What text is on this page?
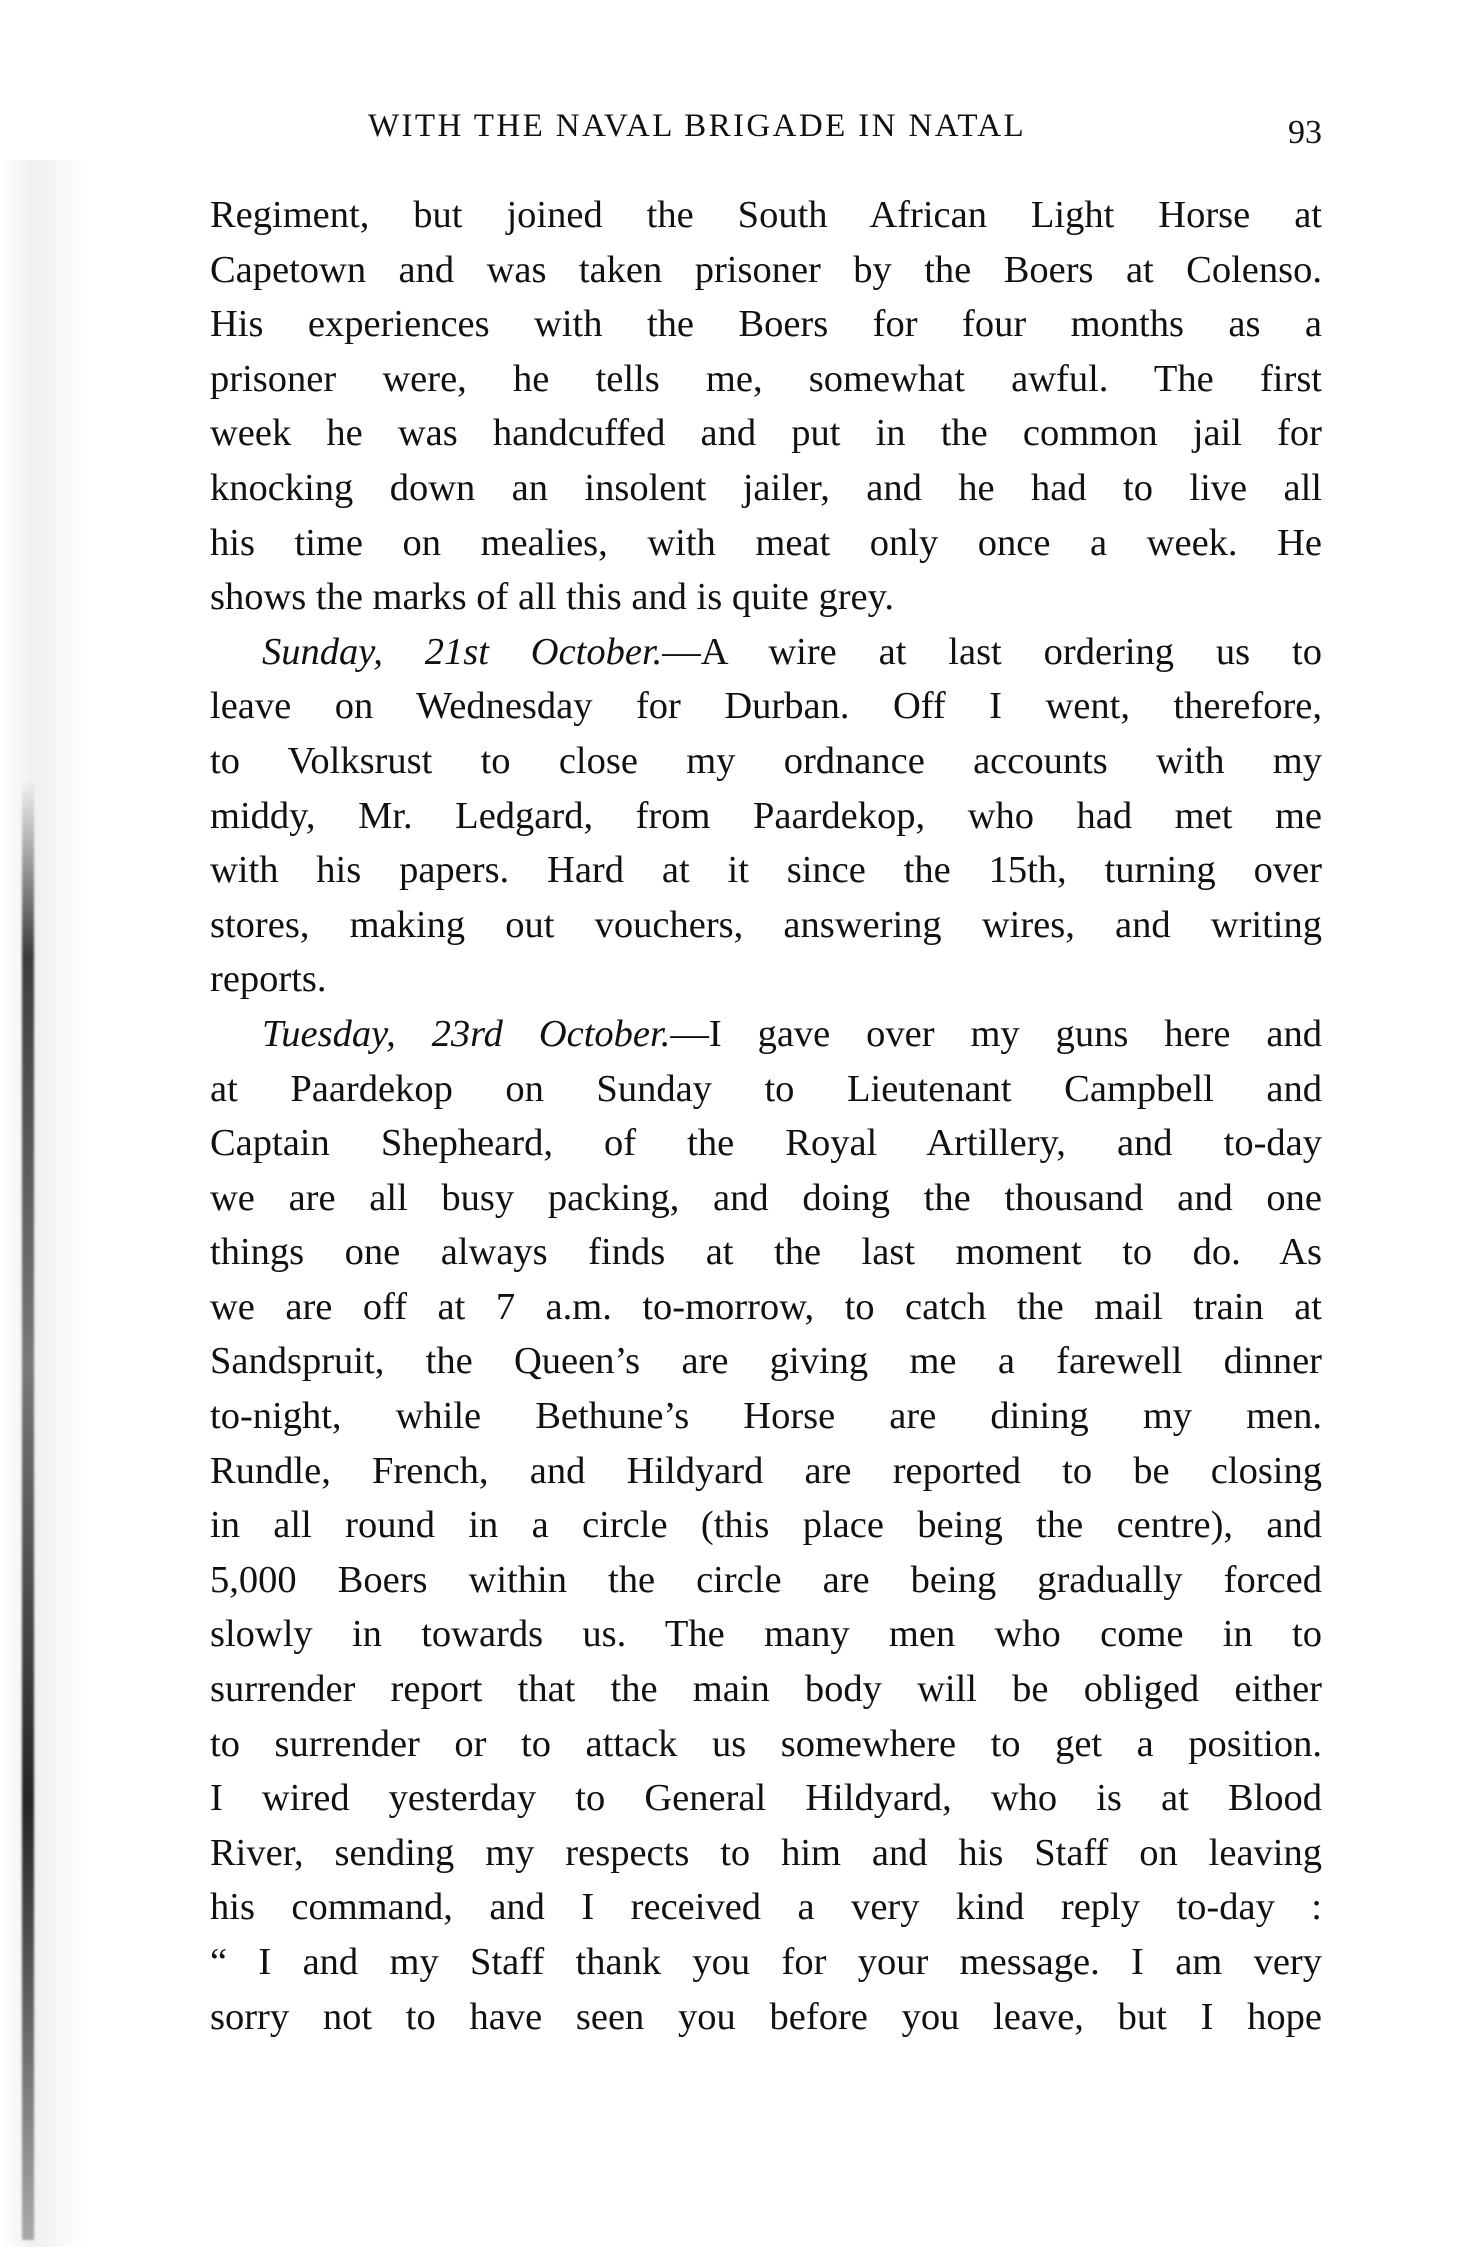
WITH THE NAVAL BRIGADE IN NATAL	93
Regiment, but joined the South African Light Horse at
Capetown and was taken prisoner by the Boers at Colenso.
His experiences with the Boers for four months as a
prisoner were, he tells me, somewhat awful. The first
week he was handcuffed and put in the common jail for
knocking down an insolent jailer, and he had to live all
his time on mealies, with meat only once a week. He
shows the marks of all this and is quite grey.
Sunday, 21st October.—A wire at last ordering us to
leave on Wednesday for Durban. Off I went, therefore,
to Volksrust to close my ordnance accounts with my
middy, Mr. Ledgard, from Paardekop, who had met me
with his papers. Hard at it since the 15th, turning over
stores, making out vouchers, answering wires, and writing
reports.
Tuesday, 23rd October.—I gave over my guns here and
at Paardekop on Sunday to Lieutenant Campbell and
Captain Shepheard, of the Royal Artillery, and to-day
we are all busy packing, and doing the thousand and one
things one always finds at the last moment to do. As
we are off at 7 a.m. to-morrow, to catch the mail train at
Sandspruit, the Queen’s are giving me a farewell dinner
to-night, while Bethune’s Horse are dining my men.
Rundle, French, and Hildyard are reported to be closing
in all round in a circle (this place being the centre), and
5,000 Boers within the circle are being gradually forced
slowly in towards us. The many men who come in to
surrender report that the main body will be obliged either
to surrender or to attack us somewhere to get a position.
I wired yesterday to General Hildyard, who is at Blood
River, sending my respects to him and his Staff on leaving
his command, and I received a very kind reply to-day :
“ I and my Staff thank you for your message. I am very
sorry not to have seen you before you leave, but I hope
